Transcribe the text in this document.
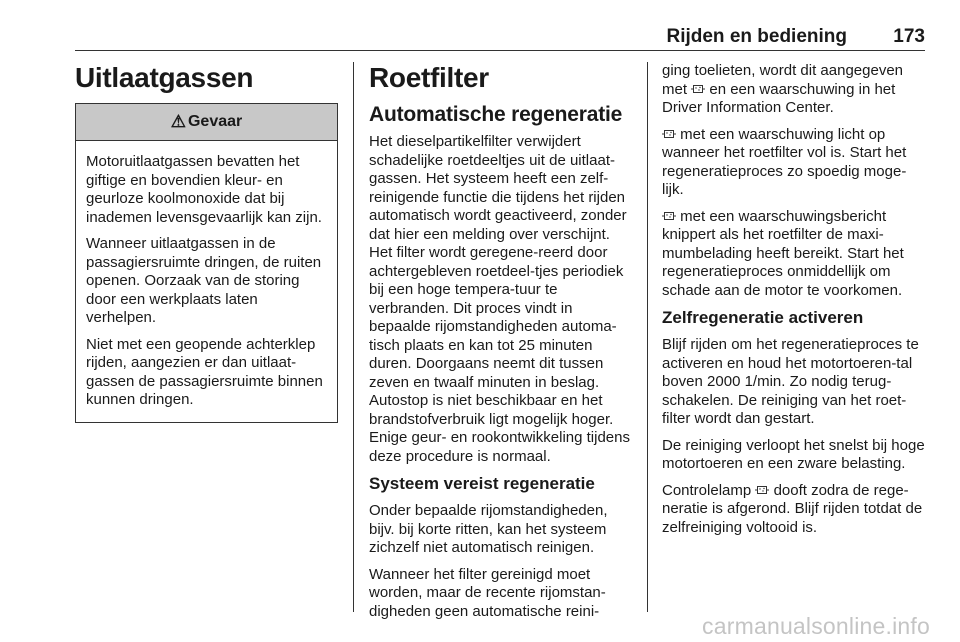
Rijden en bediening 173
Uitlaatgassen
⚠ Gevaar

Motoruitlaatgassen bevatten het giftige en bovendien kleur- en geurloze koolmonoxide dat bij inademen levensgevaarlijk kan zijn.

Wanneer uitlaatgassen in de passagiersruimte dringen, de ruiten openen. Oorzaak van de storing door een werkplaats laten verhelpen.

Niet met een geopende achterklep rijden, aangezien er dan uitlaat-gassen de passagiersruimte binnen kunnen dringen.

Roetfilter
Automatische regeneratie

Het dieselpartikelfilter verwijdert schadelijke roetdeeltjes uit de uitlaat-gassen. Het systeem heeft een zelf-reinigende functie die tijdens het rijden automatisch wordt geactiveerd, zonder dat hier een melding over verschijnt. Het filter wordt geregene-reerd door achtergebleven roetdeel-tjes periodiek bij een hoge tempera-tuur te verbranden. Dit proces vindt in bepaalde rijomstandigheden automa-tisch plaats en kan tot 25 minuten duren. Doorgaans neemt dit tussen zeven en twaalf minuten in beslag. Autostop is niet beschikbaar en het brandstofverbruik ligt mogelijk hoger. Enige geur- en rookontwikkeling tijdens deze procedure is normaal.

Systeem vereist regeneratie

Onder bepaalde rijomstandigheden, bijv. bij korte ritten, kan het systeem zichzelf niet automatisch reinigen.

Wanneer het filter gereinigd moet worden, maar de recente rijomstan-digheden geen automatische reini-

ging toelieten, wordt dit aangegeven met en een waarschuwing in het Driver Information Center.

met een waarschuwing licht op wanneer het roetfilter vol is. Start het regeneratieproces zo spoedig moge-lijk.

met een waarschuwingsbericht knippert als het roetfilter de maxi-mumbelading heeft bereikt. Start het regeneratieproces onmiddellijk om schade aan de motor te voorkomen.

Zelfregeneratie activeren

Blijf rijden om het regeneratieproces te activeren en houd het motortoeren-tal boven 2000 1/min. Zo nodig terug-schakelen. De reiniging van het roet-filter wordt dan gestart.

De reiniging verloopt het snelst bij hoge motortoeren en een zware belasting.

Controlelamp dooft zodra de rege-neratie is afgerond. Blijf rijden totdat de zelfreiniging voltooid is.

carmanualsonline.info
